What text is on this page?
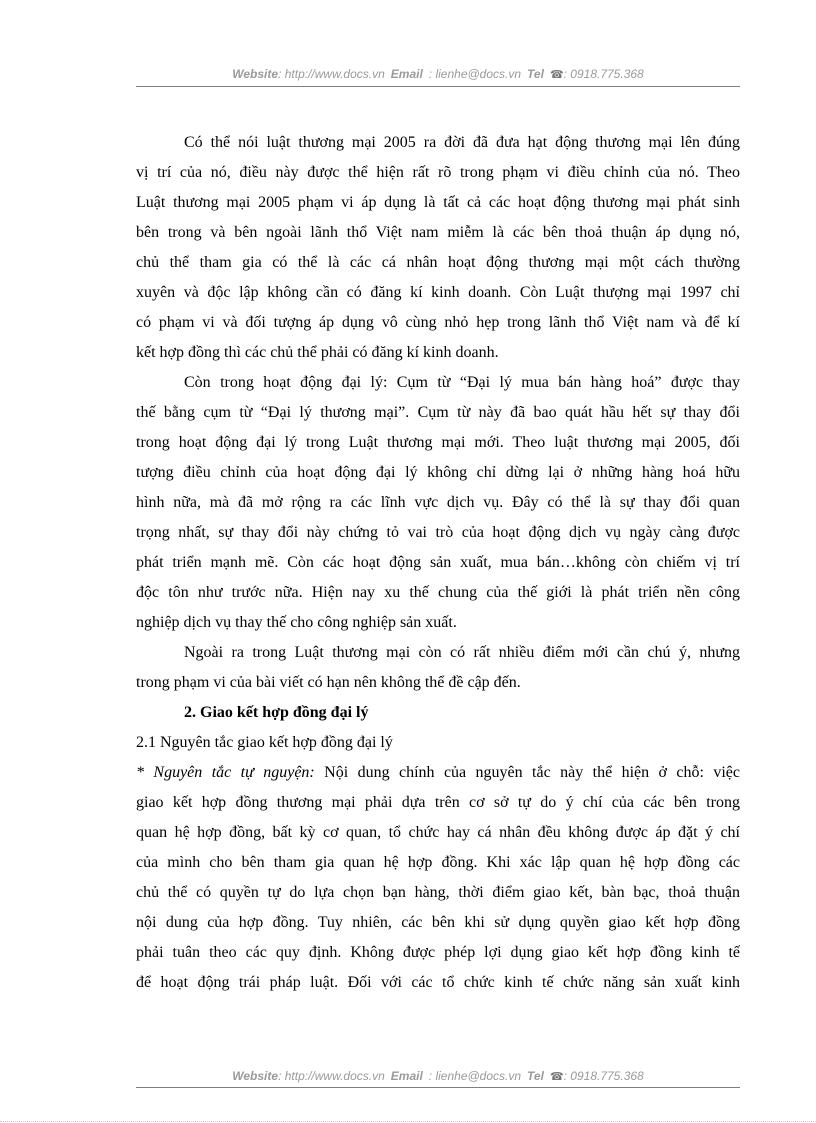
Website: http://www.docs.vn Email : lienhe@docs.vn Tel ☎: 0918.775.368
Có thể nói luật thương mại 2005 ra đời đã đưa hạt động thương mại lên đúng
vị trí của nó, điều này được thể hiện rất rõ trong phạm vi điều chỉnh của nó. Theo
Luật thương mại 2005 phạm vi áp dụng là tất cả các hoạt động thương mại phát sinh
bên trong và bên ngoài lãnh thổ Việt nam miễm là các bên thoả thuận áp dụng nó,
chủ thể tham gia có thể là các cá nhân hoạt động thương mại một cách thường
xuyên và độc lập không cần có đăng kí kinh doanh. Còn Luật thượng mại 1997 chỉ
có phạm vi và đối tượng áp dụng vô cùng nhỏ hẹp trong lãnh thổ Việt nam và để kí
kết hợp đồng thì các chủ thể phải có đăng kí kinh doanh.
Còn trong hoạt động đại lý: Cụm từ “Đại lý mua bán hàng hoá” được thay
thế bằng cụm từ “Đại lý thương mại”. Cụm từ này đã bao quát hầu hết sự thay đổi
trong hoạt động đại lý trong Luật thương mại mới. Theo luật thương mại 2005, đối
tượng điều chỉnh của hoạt động đại lý không chỉ dừng lại ở những hàng hoá hữu
hình nữa, mà đã mở rộng ra các lĩnh vực dịch vụ. Đây có thể là sự thay đổi quan
trọng nhất, sự thay đổi này chứng tỏ vai trò của hoạt động dịch vụ ngày càng được
phát triển mạnh mẽ. Còn các hoạt động sản xuất, mua bán…không còn chiếm vị trí
độc tôn như trước nữa. Hiện nay xu thế chung của thế giới là phát triển nền công
nghiệp dịch vụ thay thế cho công nghiệp sản xuất.
Ngoài ra trong Luật thương mại còn có rất nhiều điểm mới cần chú ý, nhưng
trong phạm vi của bài viết có hạn nên không thể đề cập đến.
2. Giao kết hợp đồng đại lý
2.1 Nguyên tắc giao kết hợp đồng đại lý
* Nguyên tắc tự nguyện: Nội dung chính của nguyên tắc này thể hiện ở chỗ: việc
giao kết hợp đồng thương mại phải dựa trên cơ sở tự do ý chí của các bên trong
quan hệ hợp đồng, bất kỳ cơ quan, tổ chức hay cá nhân đều không được áp đặt ý chí
của mình cho bên tham gia quan hệ hợp đồng. Khi xác lập quan hệ hợp đồng các
chủ thể có quyền tự do lựa chọn bạn hàng, thời điểm giao kết, bàn bạc, thoả thuận
nội dung của hợp đồng. Tuy nhiên, các bên khi sử dụng quyền giao kết hợp đồng
phải tuân theo các quy định. Không được phép lợi dụng giao kết hợp đồng kinh tế
để hoạt động trái pháp luật. Đối với các tổ chức kinh tế chức năng sản xuất kinh
Website: http://www.docs.vn Email : lienhe@docs.vn Tel ☎: 0918.775.368
